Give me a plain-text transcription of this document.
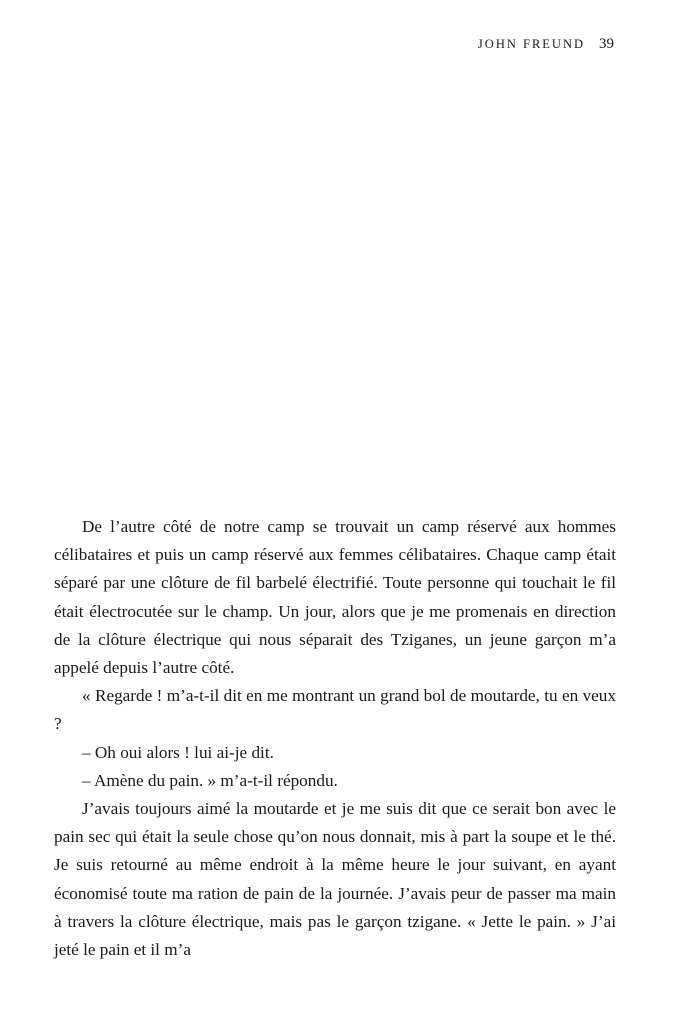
JOHN FREUND 39

De l’autre côté de notre camp se trouvait un camp réservé aux hommes célibataires et puis un camp réservé aux femmes célibataires. Chaque camp était séparé par une clôture de fil barbelé électrifié. Toute personne qui touchait le fil était électrocutée sur le champ. Un jour, alors que je me promenais en direction de la clôture électrique qui nous séparait des Tziganes, un jeune garçon m’a appelé depuis l’autre côté.

« Regarde ! m’a-t-il dit en me montrant un grand bol de moutarde, tu en veux ?

– Oh oui alors ! lui ai-je dit.

– Amène du pain. » m’a-t-il répondu.

J’avais toujours aimé la moutarde et je me suis dit que ce serait bon avec le pain sec qui était la seule chose qu’on nous donnait, mis à part la soupe et le thé. Je suis retourné au même endroit à la même heure le jour suivant, en ayant économisé toute ma ration de pain de la journée. J’avais peur de passer ma main à travers la clôture électrique, mais pas le garçon tzigane. « Jette le pain. » J’ai jeté le pain et il m’a
